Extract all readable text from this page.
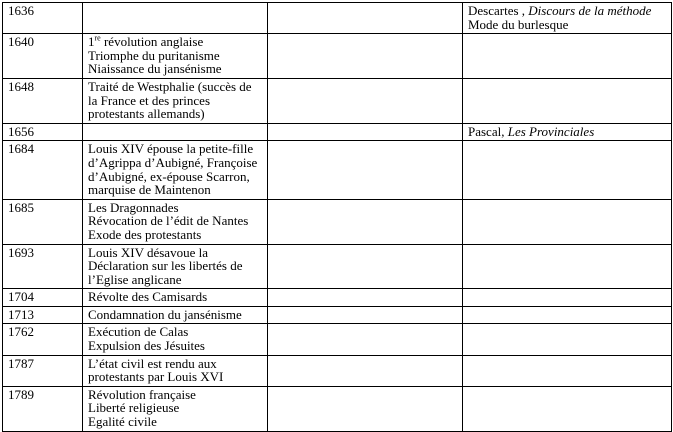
1636			Descartes , Discours de la méthode
Mode du burlesque

1640	1re révolution anglaise
Triomphe du puritanisme
Niaissance du jansénisme		

1648	Traité de Westphalie (succès de la France et des princes protestants allemands)		

1656			Pascal, Les Provinciales

1684	Louis XIV épouse la petite-fille d’Agrippa d’Aubigné, Françoise d’Aubigné, ex-épouse Scarron, marquise de Maintenon		

1685	Les Dragonnades
Révocation de l’édit de Nantes
Exode des protestants		

1693	Louis XIV désavoue la Déclaration sur les libertés de l’Eglise anglicane		

1704	Révolte des Camisards		

1713	Condamnation du jansénisme		

1762	Exécution de Calas
Expulsion des Jésuites		

1787	L’état civil est rendu aux protestants par Louis XVI		

1789	Révolution française
Liberté religieuse
Egalité civile		
